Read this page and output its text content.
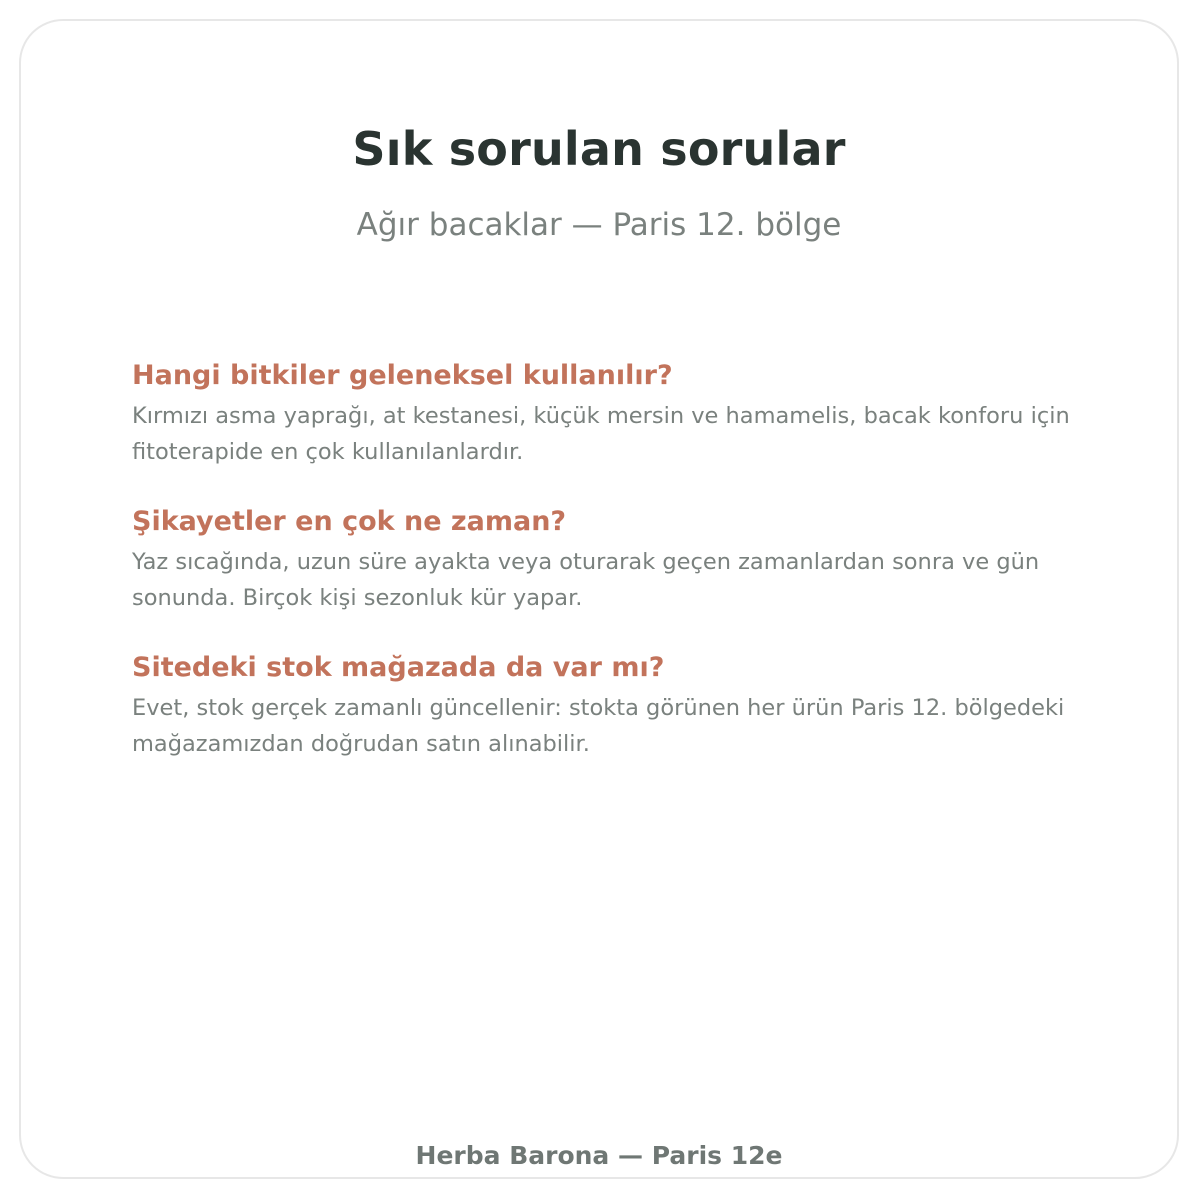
Sık sorulan sorular

Ağır bacaklar — Paris 12. bölge

Hangi bitkiler geleneksel kullanılır?

Kırmızı asma yaprağı, at kestanesi, küçük mersin ve hamamelis, bacak konforu için fitoterapide en çok kullanılanlardır.

Şikayetler en çok ne zaman?

Yaz sıcağında, uzun süre ayakta veya oturarak geçen zamanlardan sonra ve gün sonunda. Birçok kişi sezonluk kür yapar.

Sitedeki stok mağazada da var mı?

Evet, stok gerçek zamanlı güncellenir: stokta görünen her ürün Paris 12. bölgedeki mağazamızdan doğrudan satın alınabilir.

Herba Barona — Paris 12e
